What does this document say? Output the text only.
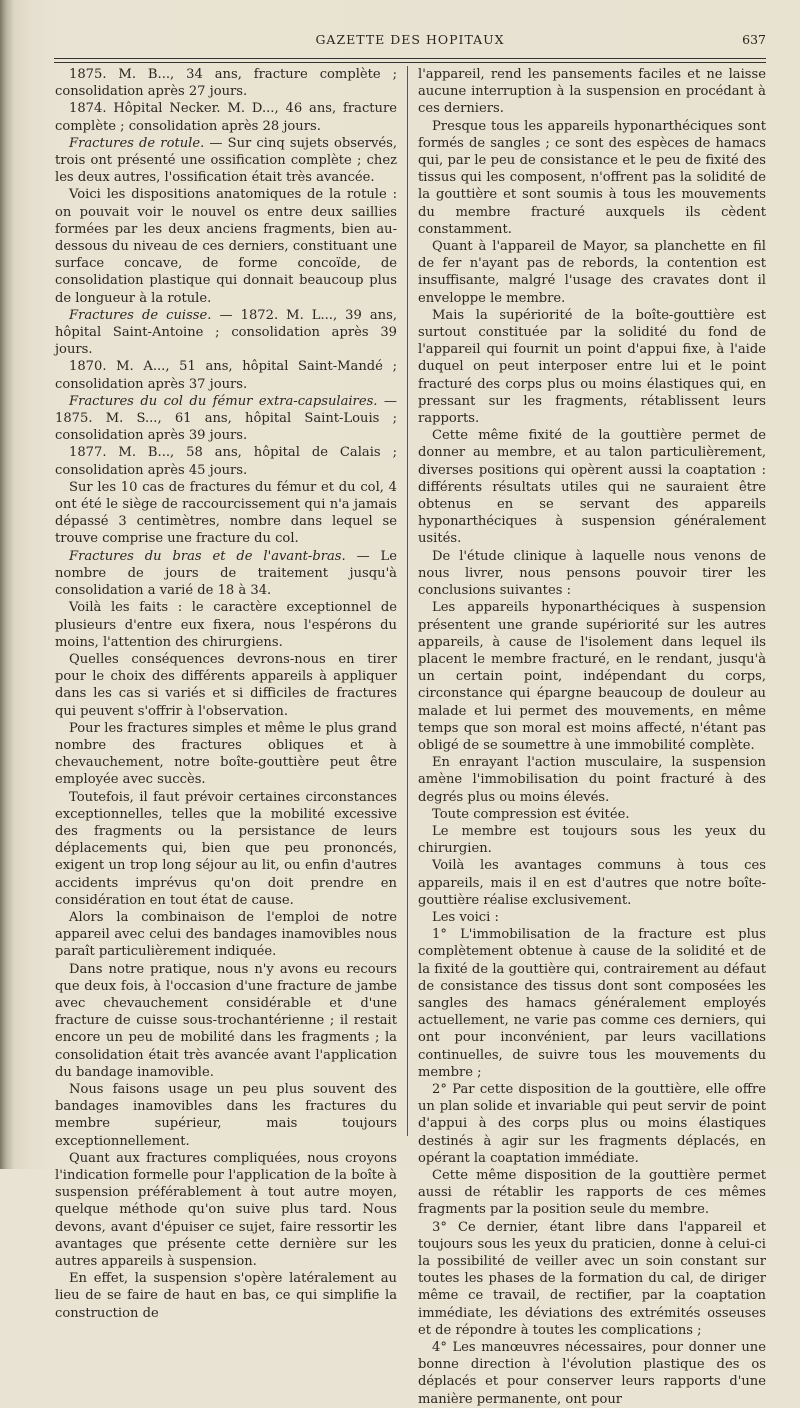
GAZETTE DES HOPITAUX	637

1875. M. B..., 34 ans, fracture complète ; consolidation après 27 jours.

1874. Hôpital Necker. M. D..., 46 ans, fracture complète ; consolidation après 28 jours.

Fractures de rotule. — Sur cinq sujets observés, trois ont présenté une ossification complète ; chez les deux autres, l'ossification était très avancée.

Voici les dispositions anatomiques de la rotule : on pouvait voir le nouvel os entre deux saillies formées par les deux anciens fragments, bien au-dessous du niveau de ces derniers, constituant une surface concave, de forme concoïde, de consolidation plastique qui donnait beaucoup plus de longueur à la rotule.

Fractures de cuisse. — 1872. M. L..., 39 ans, hôpital Saint-Antoine ; consolidation après 39 jours.

1870. M. A..., 51 ans, hôpital Saint-Mandé ; consolidation après 37 jours.

Fractures du col du fémur extra-capsulaires. — 1875. M. S..., 61 ans, hôpital Saint-Louis ; consolidation après 39 jours.

1877. M. B..., 58 ans, hôpital de Calais ; consolidation après 45 jours.

Sur les 10 cas de fractures du fémur et du col, 4 ont été le siège de raccourcissement qui n'a jamais dépassé 3 centimètres, nombre dans lequel se trouve comprise une fracture du col.

Fractures du bras et de l'avant-bras. — Le nombre de jours de traitement jusqu'à consolidation a varié de 18 à 34.

Voilà les faits : le caractère exceptionnel de plusieurs d'entre eux fixera, nous l'espérons du moins, l'attention des chirurgiens.

Quelles conséquences devrons-nous en tirer pour le choix des différents appareils à appliquer dans les cas si variés et si difficiles de fractures qui peuvent s'offrir à l'observation.

Pour les fractures simples et même le plus grand nombre des fractures obliques et à chevauchement, notre boîte-gouttière peut être employée avec succès.

Toutefois, il faut prévoir certaines circonstances exceptionnelles, telles que la mobilité excessive des fragments ou la persistance de leurs déplacements qui, bien que peu prononcés, exigent un trop long séjour au lit, ou enfin d'autres accidents imprévus qu'on doit prendre en considération en tout état de cause.

Alors la combinaison de l'emploi de notre appareil avec celui des bandages inamovibles nous paraît particulièrement indiquée.

Dans notre pratique, nous n'y avons eu recours que deux fois, à l'occasion d'une fracture de jambe avec chevauchement considérable et d'une fracture de cuisse sous-trochantérienne ; il restait encore un peu de mobilité dans les fragments ; la consolidation était très avancée avant l'application du bandage inamovible.

Nous faisons usage un peu plus souvent des bandages inamovibles dans les fractures du membre supérieur, mais toujours exceptionnellement.

Quant aux fractures compliquées, nous croyons l'indication formelle pour l'application de la boîte à suspension préférablement à tout autre moyen, quelque méthode qu'on suive plus tard. Nous devons, avant d'épuiser ce sujet, faire ressortir les avantages que présente cette dernière sur les autres appareils à suspension.

En effet, la suspension s'opère latéralement au lieu de se faire de haut en bas, ce qui simplifie la construction de

l'appareil, rend les pansements faciles et ne laisse aucune interruption à la suspension en procédant à ces derniers.

Presque tous les appareils hyponarthéciques sont formés de sangles ; ce sont des espèces de hamacs qui, par le peu de consistance et le peu de fixité des tissus qui les composent, n'offrent pas la solidité de la gouttière et sont soumis à tous les mouvements du membre fracturé auxquels ils cèdent constamment.

Quant à l'appareil de Mayor, sa planchette en fil de fer n'ayant pas de rebords, la contention est insuffisante, malgré l'usage des cravates dont il enveloppe le membre.

Mais la supériorité de la boîte-gouttière est surtout constituée par la solidité du fond de l'appareil qui fournit un point d'appui fixe, à l'aide duquel on peut interposer entre lui et le point fracturé des corps plus ou moins élastiques qui, en pressant sur les fragments, rétablissent leurs rapports.

Cette même fixité de la gouttière permet de donner au membre, et au talon particulièrement, diverses positions qui opèrent aussi la coaptation : différents résultats utiles qui ne sauraient être obtenus en se servant des appareils hyponarthéciques à suspension généralement usités.

De l'étude clinique à laquelle nous venons de nous livrer, nous pensons pouvoir tirer les conclusions suivantes :

Les appareils hyponarthéciques à suspension présentent une grande supériorité sur les autres appareils, à cause de l'isolement dans lequel ils placent le membre fracturé, en le rendant, jusqu'à un certain point, indépendant du corps, circonstance qui épargne beaucoup de douleur au malade et lui permet des mouvements, en même temps que son moral est moins affecté, n'étant pas obligé de se soumettre à une immobilité complète.

En enrayant l'action musculaire, la suspension amène l'immobilisation du point fracturé à des degrés plus ou moins élevés.

Toute compression est évitée.

Le membre est toujours sous les yeux du chirurgien.

Voilà les avantages communs à tous ces appareils, mais il en est d'autres que notre boîte-gouttière réalise exclusivement.

Les voici :

1° L'immobilisation de la fracture est plus complètement obtenue à cause de la solidité et de la fixité de la gouttière qui, contrairement au défaut de consistance des tissus dont sont composées les sangles des hamacs généralement employés actuellement, ne varie pas comme ces derniers, qui ont pour inconvénient, par leurs vacillations continuelles, de suivre tous les mouvements du membre ;

2° Par cette disposition de la gouttière, elle offre un plan solide et invariable qui peut servir de point d'appui à des corps plus ou moins élastiques destinés à agir sur les fragments déplacés, en opérant la coaptation immédiate.

Cette même disposition de la gouttière permet aussi de rétablir les rapports de ces mêmes fragments par la position seule du membre.

3° Ce dernier, étant libre dans l'appareil et toujours sous les yeux du praticien, donne à celui-ci la possibilité de veiller avec un soin constant sur toutes les phases de la formation du cal, de diriger même ce travail, de rectifier, par la coaptation immédiate, les déviations des extrémités osseuses et de répondre à toutes les complications ;

4° Les manœuvres nécessaires, pour donner une bonne direction à l'évolution plastique des os déplacés et pour conserver leurs rapports d'une manière permanente, ont pour
